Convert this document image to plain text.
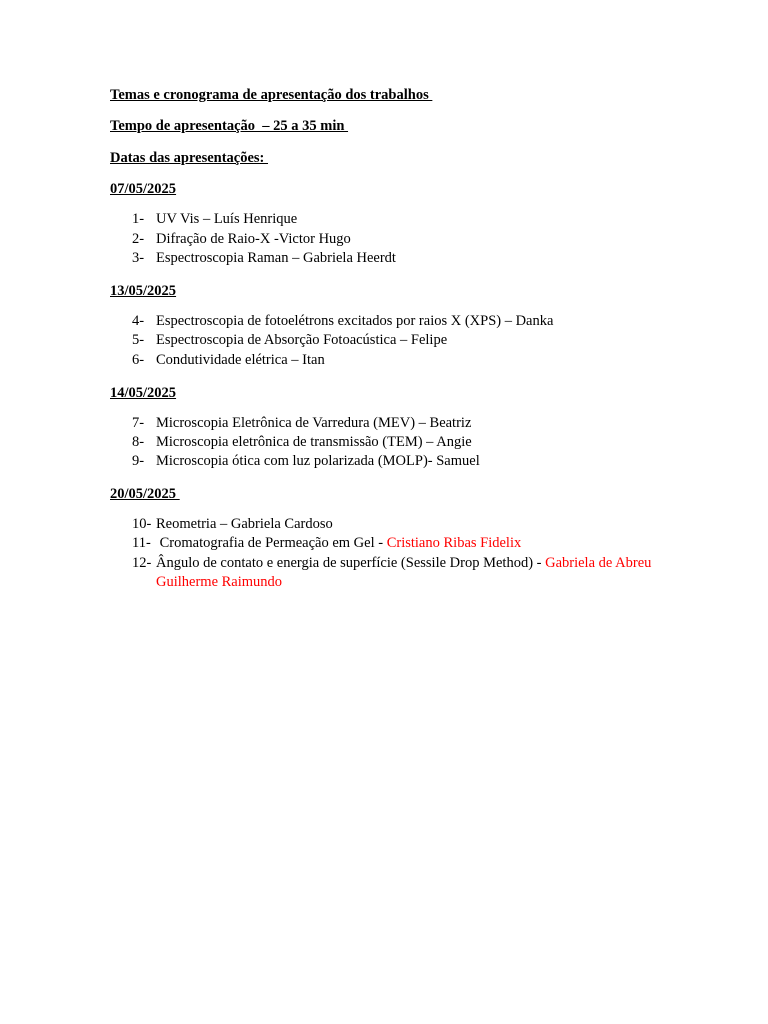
Temas e cronograma de apresentação dos trabalhos
Tempo de apresentação  – 25 a 35 min
Datas das apresentações:
07/05/2025
1- UV Vis – Luís Henrique
2- Difração de Raio-X -Victor Hugo
3- Espectroscopia Raman – Gabriela Heerdt
13/05/2025
4- Espectroscopia de fotoelétrons excitados por raios X (XPS) – Danka
5- Espectroscopia de Absorção Fotoacústica – Felipe
6- Condutividade elétrica – Itan
14/05/2025
7- Microscopia Eletrônica de Varredura (MEV) – Beatriz
8- Microscopia eletrônica de transmissão (TEM) – Angie
9- Microscopia ótica com luz polarizada (MOLP)- Samuel
20/05/2025
10- Reometria – Gabriela Cardoso
11- Cromatografia de Permeação em Gel - Cristiano Ribas Fidelix
12- Ângulo de contato e energia de superfície (Sessile Drop Method) - Gabriela de Abreu Guilherme Raimundo
